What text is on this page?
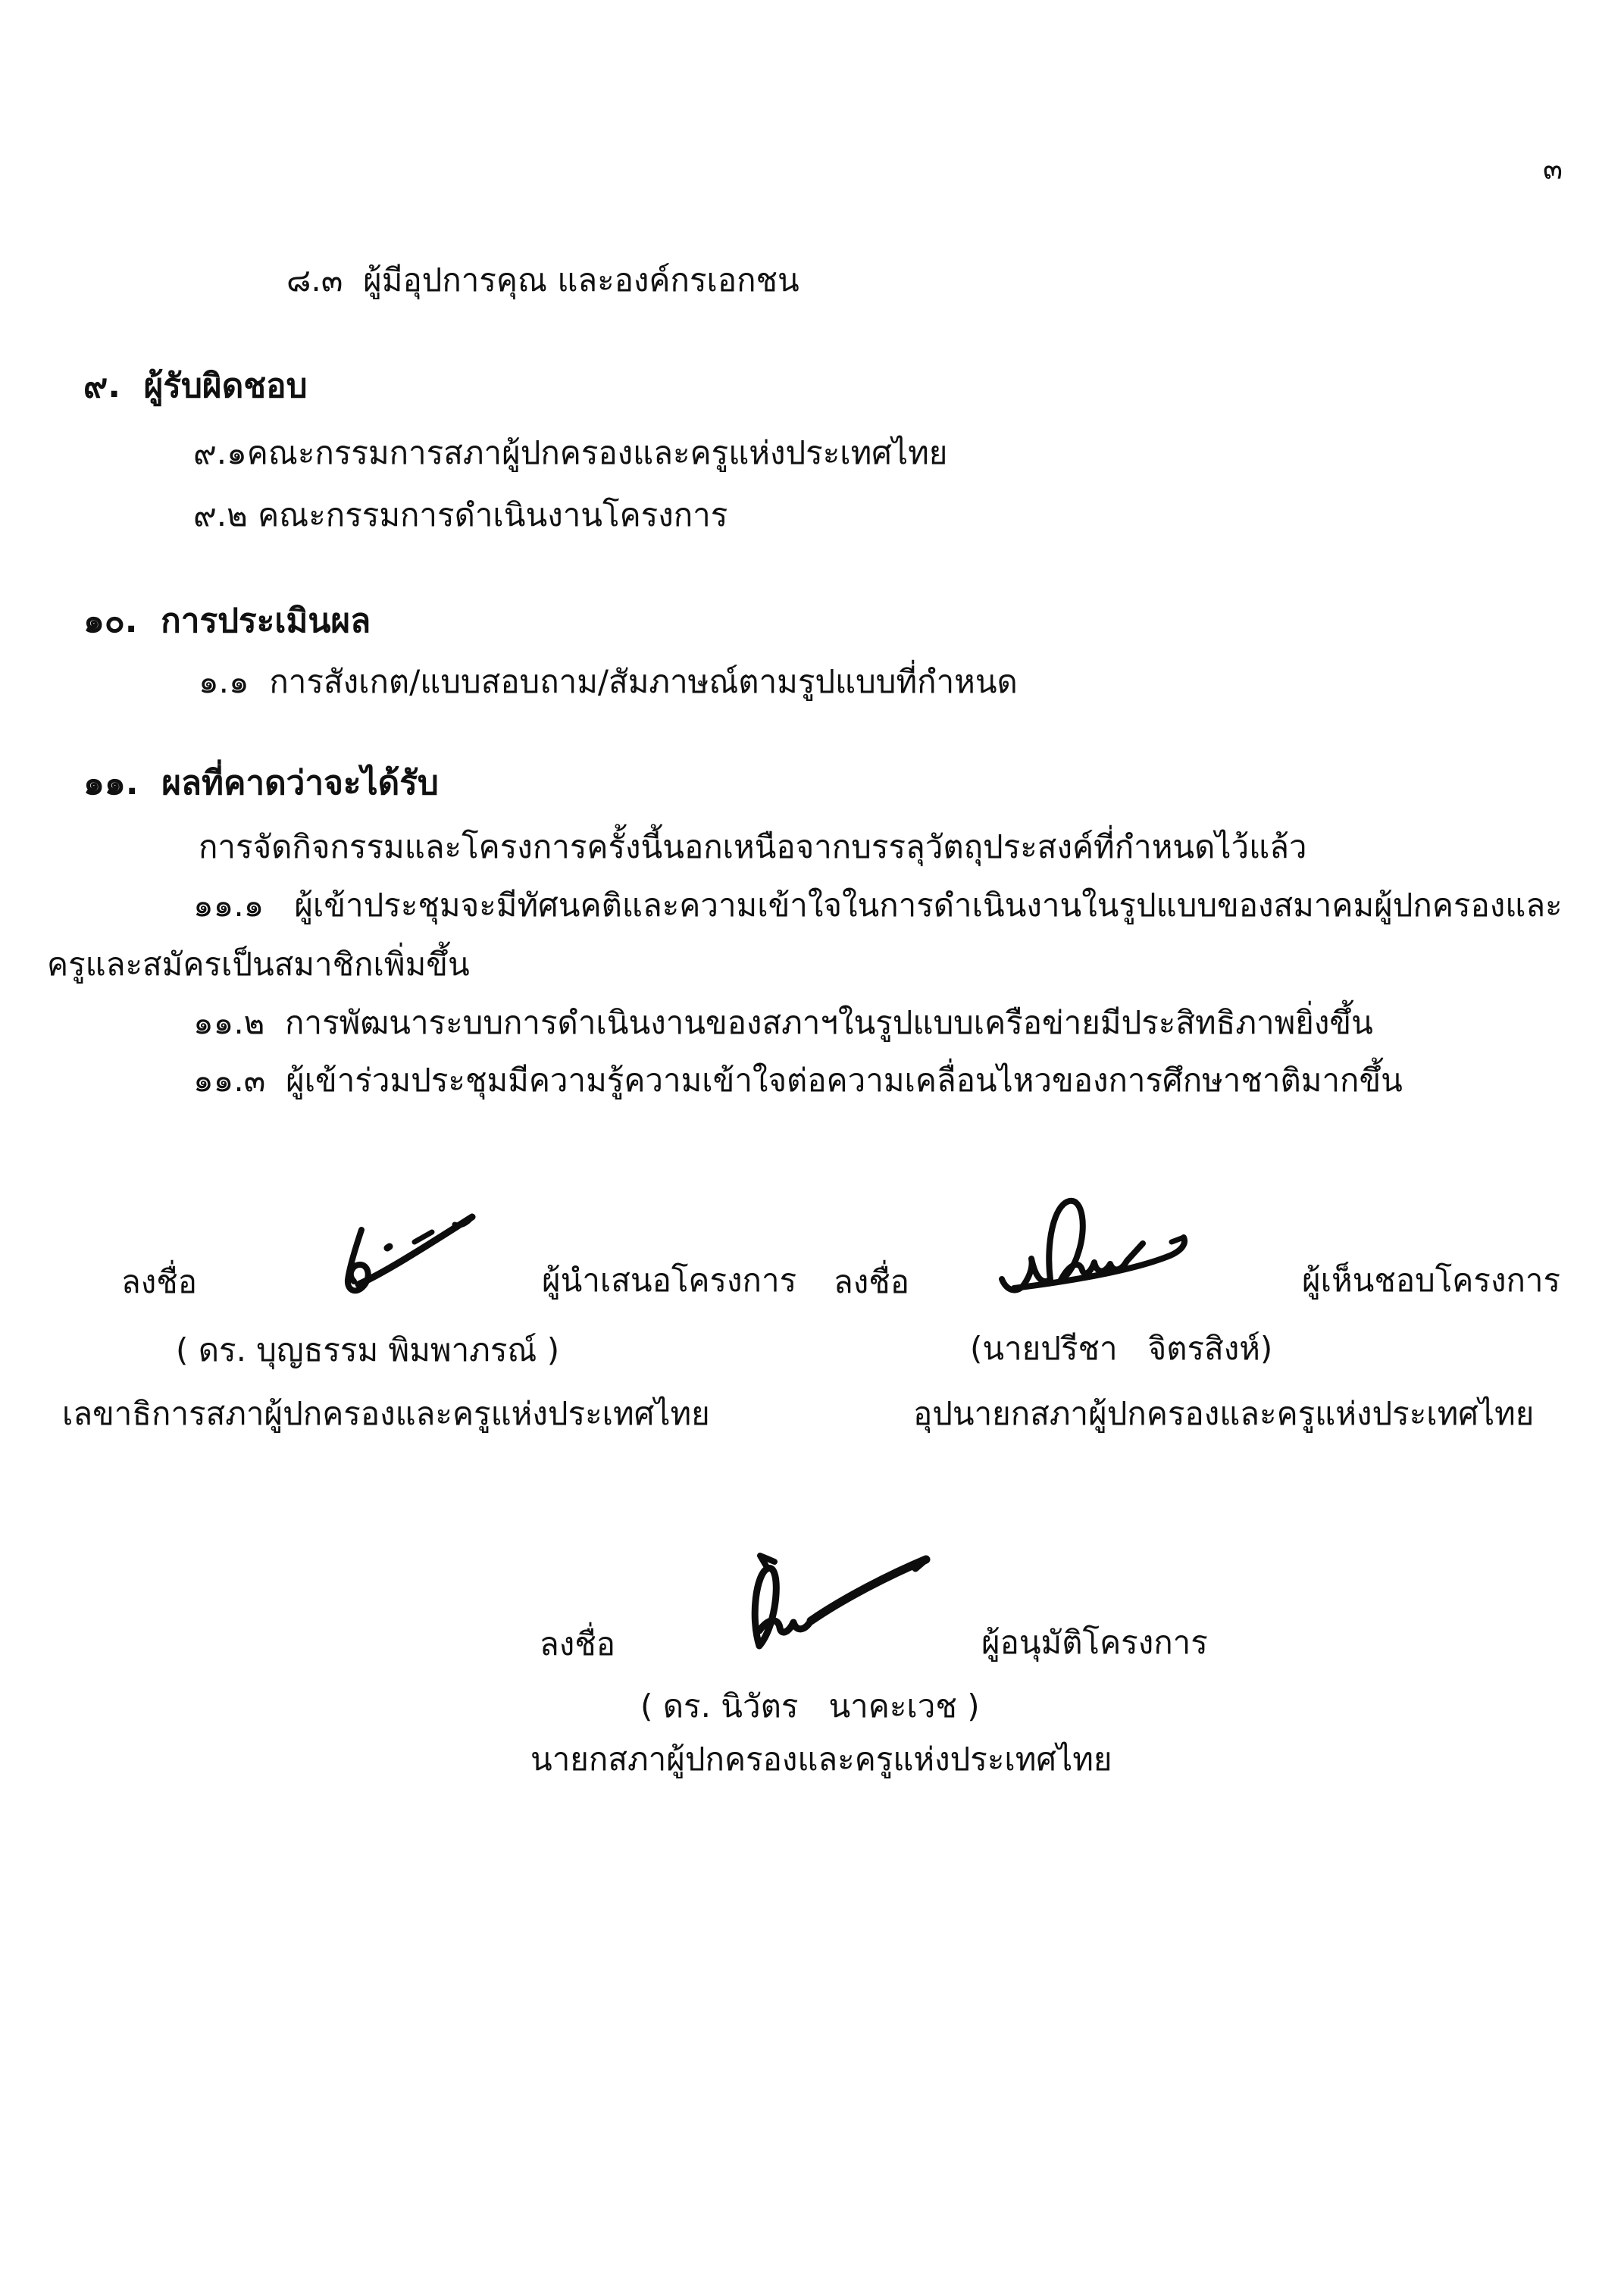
๓
๘.๓  ผู้มีอุปการคุณ และองค์กรเอกชน
๙.  ผู้รับผิดชอบ
๙.๑คณะกรรมการสภาผู้ปกครองและครูแห่งประเทศไทย
๙.๒ คณะกรรมการดำเนินงานโครงการ
๑๐.  การประเมินผล
๑.๑  การสังเกต/แบบสอบถาม/สัมภาษณ์ตามรูปแบบที่กำหนด
๑๑.  ผลที่คาดว่าจะได้รับ
การจัดกิจกรรมและโครงการครั้งนี้นอกเหนือจากบรรลุวัตถุประสงค์ที่กำหนดไว้แล้ว
๑๑.๑   ผู้เข้าประชุมจะมีทัศนคติและความเข้าใจในการดำเนินงานในรูปแบบของสมาคมผู้ปกครองและ
ครูและสมัครเป็นสมาชิกเพิ่มขึ้น
๑๑.๒  การพัฒนาระบบการดำเนินงานของสภาฯในรูปแบบเครือข่ายมีประสิทธิภาพยิ่งขึ้น
๑๑.๓  ผู้เข้าร่วมประชุมมีความรู้ความเข้าใจต่อความเคลื่อนไหวของการศึกษาชาติมากขึ้น
ลงชื่อ	ผู้นำเสนอโครงการ ลงชื่อ	ผู้เห็นชอบโครงการ
( ดร. บุญธรรม พิมพาภรณ์ )	(นายปรีชา   จิตรสิงห์)
เลขาธิการสภาผู้ปกครองและครูแห่งประเทศไทย	อุปนายกสภาผู้ปกครองและครูแห่งประเทศไทย
ลงชื่อ	ผู้อนุมัติโครงการ
( ดร. นิวัตร   นาคะเวช )
นายกสภาผู้ปกครองและครูแห่งประเทศไทย
